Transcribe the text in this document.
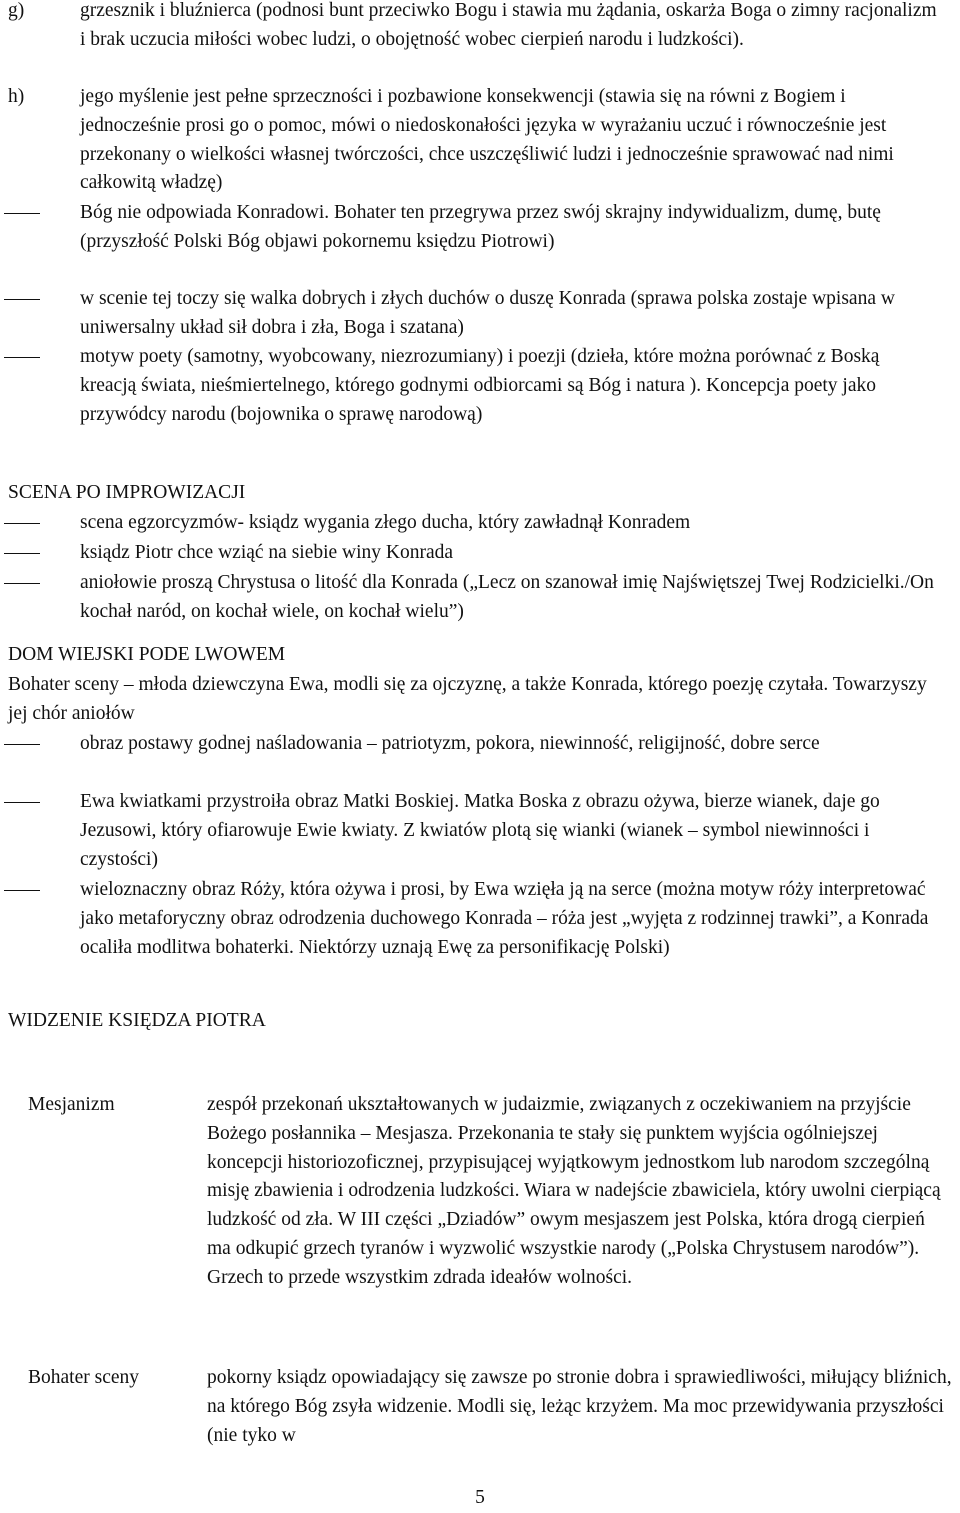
g)	grzesznik i bluźnierca (podnosi bunt przeciwko Bogu i stawia mu żądania, oskarża Boga o zimny racjonalizm i brak uczucia miłości wobec ludzi, o obojętność wobec cierpień narodu i ludzkości).
h)	jego myślenie jest pełne sprzeczności i pozbawione konsekwencji (stawia się na równi z Bogiem i jednocześnie prosi go o pomoc, mówi o niedoskonałości języka w wyrażaniu uczuć i równocześnie jest przekonany o wielkości własnej twórczości, chce uszczęśliwić ludzi i jednocześnie sprawować nad nimi całkowitą władzę)
Bóg nie odpowiada Konradowi. Bohater ten przegrywa przez swój skrajny indywidualizm, dumę, butę (przyszłość Polski Bóg objawi pokornemu księdzu Piotrowi)
w scenie tej toczy się walka dobrych i złych duchów o duszę Konrada (sprawa polska zostaje wpisana w uniwersalny układ sił dobra i zła, Boga i szatana)
motyw poety (samotny, wyobcowany, niezrozumiany) i poezji (dzieła, które można porównać z Boską kreacją świata, nieśmiertelnego, którego godnymi odbiorcami są Bóg i natura ). Koncepcja poety jako przywódcy narodu (bojownika o sprawę narodową)
SCENA PO IMPROWIZACJI
scena egzorcyzmów- ksiądz wygania złego ducha, który zawładnął Konradem
ksiądz Piotr chce wziąć na siebie winy Konrada
aniołowie proszą Chrystusa o litość dla Konrada („Lecz on szanował imię Najświętszej Twej Rodzicielki./On kochał naród, on kochał wiele, on kochał wielu”)
DOM WIEJSKI PODE LWOWEM
Bohater sceny – młoda dziewczyna Ewa, modli się za ojczyznę, a także Konrada, którego poezję czytała. Towarzyszy jej chór aniołów
obraz postawy godnej naśladowania – patriotyzm, pokora, niewinność, religijność, dobre serce
Ewa kwiatkami przystroiła obraz Matki Boskiej. Matka Boska z obrazu ożywa, bierze wianek, daje go Jezusowi, który ofiarowuje Ewie kwiaty. Z kwiatów plotą się wianki (wianek – symbol niewinności i czystości)
wieloznaczny obraz Róży, która ożywa i prosi, by Ewa wzięła ją na serce (można motyw róży interpretować jako metaforyczny obraz odrodzenia duchowego Konrada – róża jest „wyjęta z rodzinnej trawki”, a Konrada ocaliła modlitwa bohaterki. Niektórzy uznają Ewę za personifikację Polski)
WIDZENIE KSIĘDZA PIOTRA
Mesjanizm	zespół przekonań ukształtowanych w judaizmie, związanych z oczekiwaniem na przyjście Bożego posłannika – Mesjasza. Przekonania te stały się punktem wyjścia ogólniejszej koncepcji historiozoficznej, przypisującej wyjątkowym jednostkom lub narodom szczególną misję zbawienia i odrodzenia ludzkości. Wiara w nadejście zbawiciela, który uwolni cierpiącą ludzkość od zła. W III części „Dziadów” owym mesjaszem jest Polska, która drogą cierpień ma odkupić grzech tyranów i wyzwolić wszystkie narody („Polska Chrystusem narodów”). Grzech to przede wszystkim zdrada ideałów wolności.
Bohater sceny	pokorny ksiądz opowiadający się zawsze po stronie dobra i sprawiedliwości, miłujący bliźnich, na którego Bóg zsyła widzenie. Modli się, leżąc krzyżem. Ma moc przewidywania przyszłości (nie tyko w
5
